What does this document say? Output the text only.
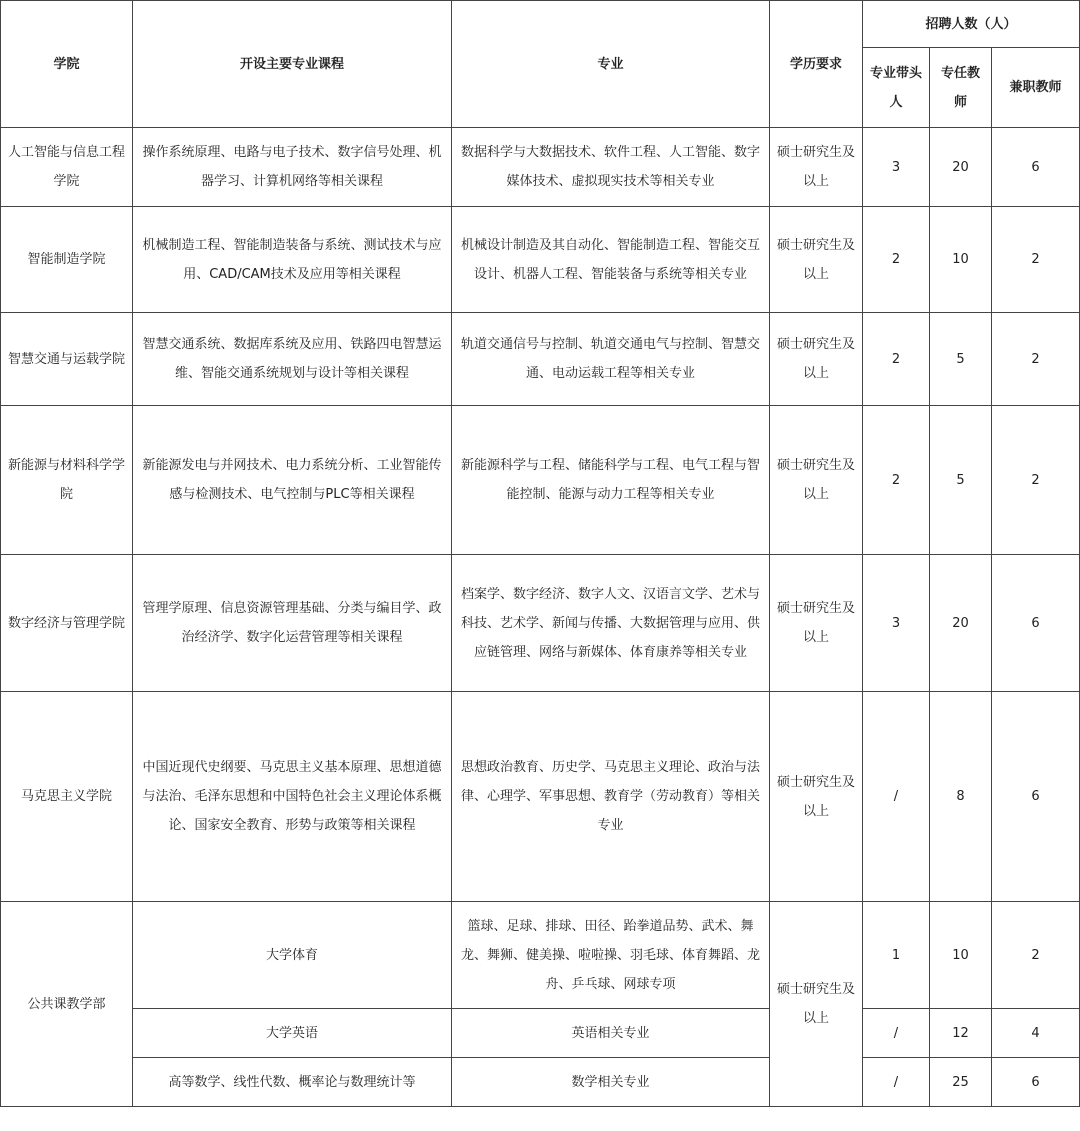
学院	开设主要专业课程	专业	学历要求	招聘人数（人）		
				专业带头人	专任教师	兼职教师
人工智能与信息工程学院	操作系统原理、电路与电子技术、数字信号处理、机器学习、计算机网络等相关课程	数据科学与大数据技术、软件工程、人工智能、数字媒体技术、虚拟现实技术等相关专业	硕士研究生及以上	3	20	6
智能制造学院	机械制造工程、智能制造装备与系统、测试技术与应用、CAD/CAM技术及应用等相关课程	机械设计制造及其自动化、智能制造工程、智能交互设计、机器人工程、智能装备与系统等相关专业	硕士研究生及以上	2	10	2
智慧交通与运载学院	智慧交通系统、数据库系统及应用、铁路四电智慧运维、智能交通系统规划与设计等相关课程	轨道交通信号与控制、轨道交通电气与控制、智慧交通、电动运载工程等相关专业	硕士研究生及以上	2	5	2
新能源与材料科学学院	新能源发电与并网技术、电力系统分析、工业智能传感与检测技术、电气控制与PLC等相关课程	新能源科学与工程、储能科学与工程、电气工程与智能控制、能源与动力工程等相关专业	硕士研究生及以上	2	5	2
数字经济与管理学院	管理学原理、信息资源管理基础、分类与编目学、政治经济学、数字化运营管理等相关课程	档案学、数字经济、数字人文、汉语言文学、艺术与科技、艺术学、新闻与传播、大数据管理与应用、供应链管理、网络与新媒体、体育康养等相关专业	硕士研究生及以上	3	20	6
马克思主义学院	中国近现代史纲要、马克思主义基本原理、思想道德与法治、毛泽东思想和中国特色社会主义理论体系概论、国家安全教育、形势与政策等相关课程	思想政治教育、历史学、马克思主义理论、政治与法律、心理学、军事思想、教育学（劳动教育）等相关专业	硕士研究生及以上	/	8	6
公共课教学部	大学体育	篮球、足球、排球、田径、跆拳道品势、武术、舞龙、舞狮、健美操、啦啦操、羽毛球、体育舞蹈、龙舟、乒乓球、网球专项	硕士研究生及以上	1	10	2
	大学英语	英语相关专业		/	12	4
	高等数学、线性代数、概率论与数理统计等	数学相关专业		/	25	6
